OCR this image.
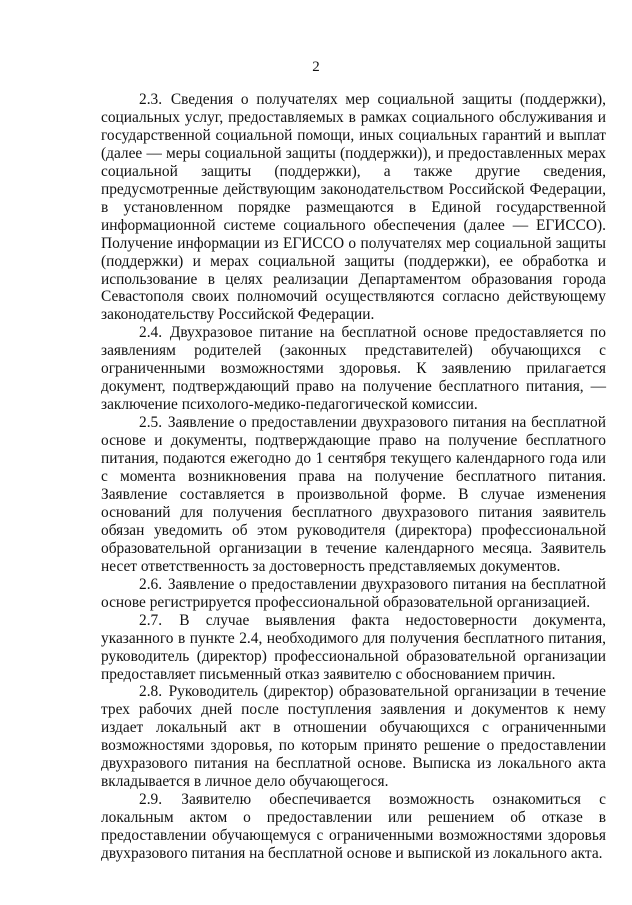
2

2.3. Сведения о получателях мер социальной защиты (поддержки), социальных услуг, предоставляемых в рамках социального обслуживания и государственной социальной помощи, иных социальных гарантий и выплат (далее — меры социальной защиты (поддержки)), и предоставленных мерах социальной защиты (поддержки), а также другие сведения, предусмотренные действующим законодательством Российской Федерации, в установленном порядке размещаются в Единой государственной информационной системе социального обеспечения (далее — ЕГИССО). Получение информации из ЕГИССО о получателях мер социальной защиты (поддержки) и мерах социальной защиты (поддержки), ее обработка и использование в целях реализации Департаментом образования города Севастополя своих полномочий осуществляются согласно действующему законодательству Российской Федерации.

2.4. Двухразовое питание на бесплатной основе предоставляется по заявлениям родителей (законных представителей) обучающихся с ограниченными возможностями здоровья. К заявлению прилагается документ, подтверждающий право на получение бесплатного питания, — заключение психолого-медико-педагогической комиссии.

2.5. Заявление о предоставлении двухразового питания на бесплатной основе и документы, подтверждающие право на получение бесплатного питания, подаются ежегодно до 1 сентября текущего календарного года или с момента возникновения права на получение бесплатного питания. Заявление составляется в произвольной форме. В случае изменения оснований для получения бесплатного двухразового питания заявитель обязан уведомить об этом руководителя (директора) профессиональной образовательной организации в течение календарного месяца. Заявитель несет ответственность за достоверность представляемых документов.

2.6. Заявление о предоставлении двухразового питания на бесплатной основе регистрируется профессиональной образовательной организацией.

2.7. В случае выявления факта недостоверности документа, указанного в пункте 2.4, необходимого для получения бесплатного питания, руководитель (директор) профессиональной образовательной организации предоставляет письменный отказ заявителю с обоснованием причин.

2.8. Руководитель (директор) образовательной организации в течение трех рабочих дней после поступления заявления и документов к нему издает локальный акт в отношении обучающихся с ограниченными возможностями здоровья, по которым принято решение о предоставлении двухразового питания на бесплатной основе. Выписка из локального акта вкладывается в личное дело обучающегося.

2.9. Заявителю обеспечивается возможность ознакомиться с локальным актом о предоставлении или решением об отказе в предоставлении обучающемуся с ограниченными возможностями здоровья двухразового питания на бесплатной основе и выпиской из локального акта.
